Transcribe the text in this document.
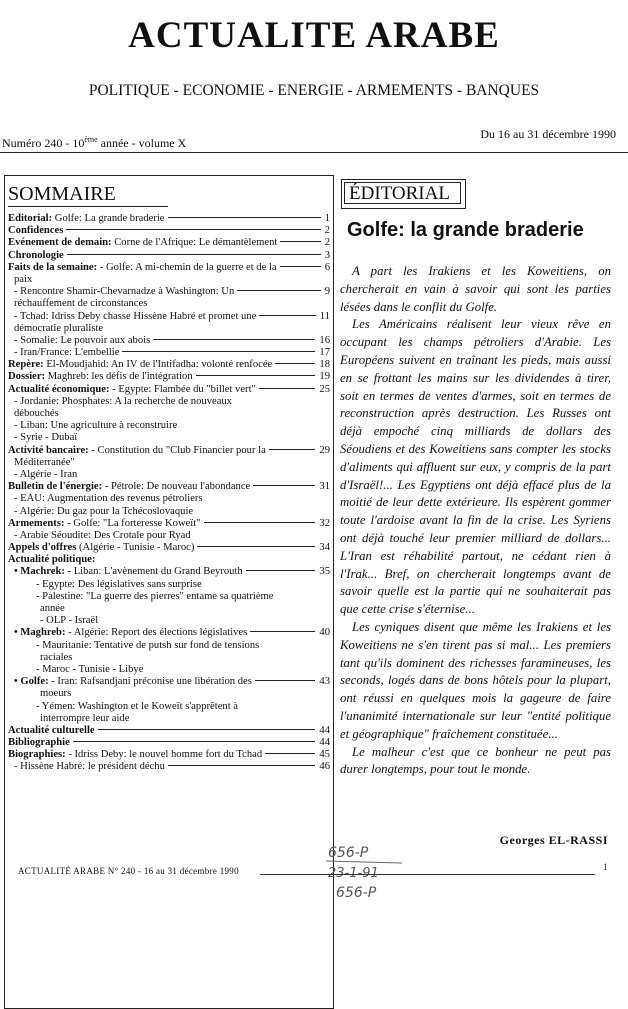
ACTUALITE ARABE
POLITIQUE - ECONOMIE - ENERGIE - ARMEMENTS - BANQUES
Numéro 240 - 10ème année - volume X
Du 16 au 31 décembre 1990
SOMMAIRE
Editorial: Golfe: La grande braderie	1
Confidences	2
Evénement de demain: Corne de l'Afrique: Le démantèlement	2
Chronologie	3
Faits de la semaine: - Golfe: A mi-chemin de la guerre et de la	6
paix
- Rencontre Shamir-Chevarnadze à Washington: Un	9
réchauffement de circonstances
- Tchad: Idriss Deby chasse Hissène Habré et promet une	11
démocratie pluraliste
- Somalie: Le pouvoir aux abois	16
- Iran/France: L'embellie	17
Repère: El-Moudjahid: An IV de l'Intifadha: volonté renfocée	18
Dossier: Maghreb: les défis de l'intégration	19
Actualité économique: - Egypte: Flambée du "billet vert"	25
- Jordanie: Phosphates: A la recherche de nouveaux
débouchés
- Liban: Une agriculture à reconstruire
- Syrie - Dubaï
Activité bancaire: - Constitution du "Club Financier pour la	29
Méditerranée"
- Algérie - Iran
Bulletin de l'énergie: - Pétrole: De nouveau l'abondance	31
- EAU: Augmentation des revenus pétroliers
- Algérie: Du gaz pour la Tchécoslovaquie
Armements: - Golfe: "La forteresse Koweït"	32
- Arabie Séoudite: Des Crotale pour Ryad
Appels d'offres (Algérie - Tunisie - Maroc)	34
Actualité politique:
• Machrek: - Liban: L'avènement du Grand Beyrouth	35
- Egypte: Des législatives sans surprise
- Palestine: "La guerre des pierres" entame sa quatrième
année
- OLP - Israël
• Maghreb: - Algérie: Report des élections législatives	40
- Mauritanie: Tentative de putsh sur fond de tensions
raciales
- Maroc - Tunisie - Libye
• Golfe: - Iran: Rafsandjani préconise une libération des	43
moeurs
- Yémen: Washington et le Koweït s'apprêtent à
interrompre leur aide
Actualité culturelle	44
Bibliographie	44
Biographies: - Idriss Deby: le nouvel homme fort du Tchad	45
- Hissène Habré: le président déchu	46
ÉDITORIAL
Golfe: la grande braderie

A part les Irakiens et les Koweitiens, on chercherait en vain à savoir qui sont les parties lésées dans le conflit du Golfe.

Les Américains réalisent leur vieux rêve en occupant les champs pétroliers d'Arabie. Les Européens suivent en traînant les pieds, mais aussi en se frottant les mains sur les dividendes à tirer, soit en termes de ventes d'armes, soit en termes de reconstruction après destruction. Les Russes ont déjà empoché cinq milliards de dollars des Séoudiens et des Koweitiens sans compter les stocks d'aliments qui affluent sur eux, y compris de la part d'Israël!... Les Egyptiens ont déjà effacé plus de la moitié de leur dette extérieure. Ils espèrent gommer toute l'ardoise avant la fin de la crise. Les Syriens ont déjà touché leur premier milliard de dollars... L'Iran est réhabilité partout, ne cédant rien à l'Irak... Bref, on chercherait longtemps avant de savoir quelle est la partie qui ne souhaiterait pas que cette crise s'éternise...

Les cyniques disent que même les Irakiens et les Koweitiens ne s'en tirent pas si mal... Les premiers tant qu'ils dominent des richesses faramineuses, les seconds, logés dans de bons hôtels pour la plupart, ont réussi en quelques mois la gageure de faire l'unanimité internationale sur leur "entité politique et géographique" fraîchement constituée...

Le malheur c'est que ce bonheur ne peut pas durer longtemps, pour tout le monde.

Georges EL-RASSI
656-P
23-1-91
656-P
ACTUALITÉ ARABE N° 240 - 16 au 31 décembre 1990	1
